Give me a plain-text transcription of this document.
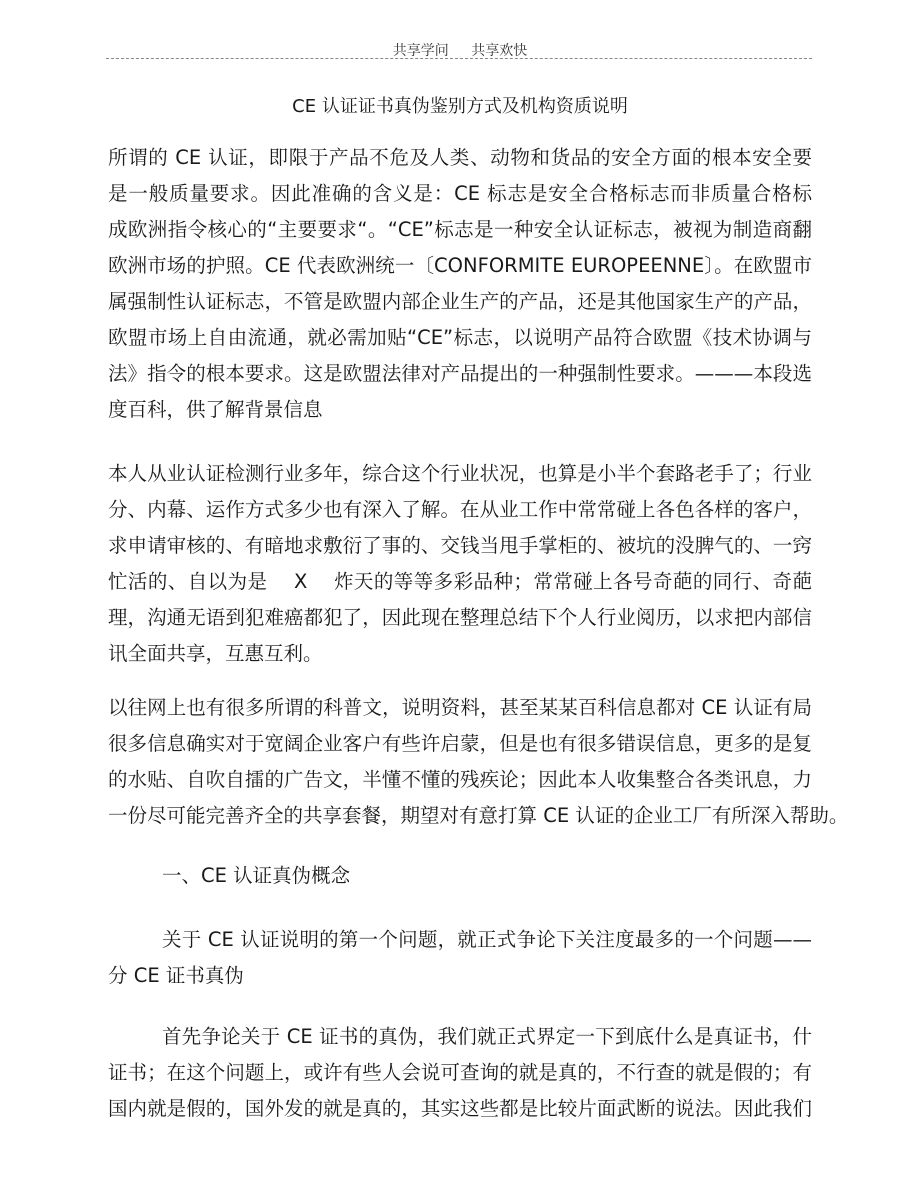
共享学问 共享欢快
CE 认证证书真伪鉴别方式及机构资质说明
所谓的 CE 认证，即限于产品不危及人类、动物和货品的安全方面的根本安全要
是一般质量要求。因此准确的含义是：CE 标志是安全合格标志而非质量合格标
成欧洲指令核心的“主要要求“。“CE”标志是一种安全认证标志，被视为制造商翻
欧洲市场的护照。CE 代表欧洲统一〔CONFORMITE EUROPEENNE〕。在欧盟市
属强制性认证标志，不管是欧盟内部企业生产的产品，还是其他国家生产的产品，
欧盟市场上自由流通，就必需加贴“CE”标志，以说明产品符合欧盟《技术协调与
法》指令的根本要求。这是欧盟法律对产品提出的一种强制性要求。———本段选
度百科，供了解背景信息
本人从业认证检测行业多年，综合这个行业状况，也算是小半个套路老手了；行业
分、内幕、运作方式多少也有深入了解。在从业工作中常常碰上各色各样的客户，
求申请审核的、有暗地求敷衍了事的、交钱当甩手掌柜的、被坑的没脾气的、一窍
忙活的、自以为是　 X 　炸天的等等多彩品种；常常碰上各号奇葩的同行、奇葩
理，沟通无语到犯难癌都犯了，因此现在整理总结下个人行业阅历，以求把内部信
讯全面共享，互惠互利。
以往网上也有很多所谓的科普文，说明资料，甚至某某百科信息都对 CE 认证有局
很多信息确实对于宽阔企业客户有些许启蒙，但是也有很多错误信息，更多的是复
的水贴、自吹自擂的广告文，半懂不懂的残疾论；因此本人收集整合各类讯息，力
一份尽可能完善齐全的共享套餐，期望对有意打算 CE 认证的企业工厂有所深入帮助。
一、CE 认证真伪概念
关于 CE 认证说明的第一个问题，就正式争论下关注度最多的一个问题——
分 CE 证书真伪
首先争论关于 CE 证书的真伪，我们就正式界定一下到底什么是真证书，什
证书；在这个问题上，或许有些人会说可查询的就是真的，不行查的就是假的；有
国内就是假的，国外发的就是真的，其实这些都是比较片面武断的说法。因此我们
